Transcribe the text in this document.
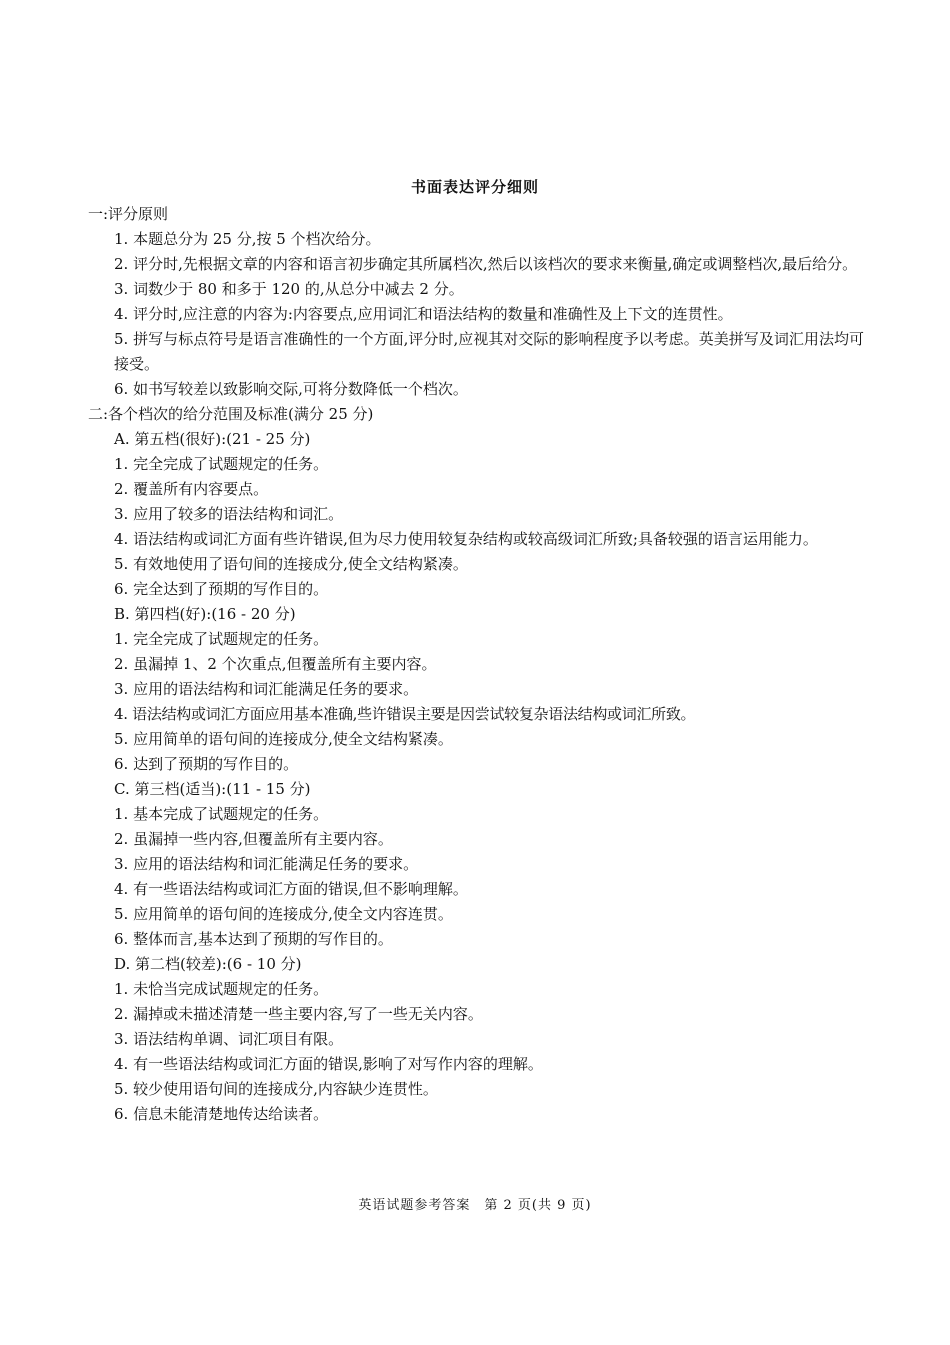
书面表达评分细则
一:评分原则
1. 本题总分为 25 分,按 5 个档次给分。
2. 评分时,先根据文章的内容和语言初步确定其所属档次,然后以该档次的要求来衡量,确定或调整档次,最后给分。
3. 词数少于 80 和多于 120 的,从总分中减去 2 分。
4. 评分时,应注意的内容为:内容要点,应用词汇和语法结构的数量和准确性及上下文的连贯性。
5. 拼写与标点符号是语言准确性的一个方面,评分时,应视其对交际的影响程度予以考虑。英美拼写及词汇用法均可接受。
6. 如书写较差以致影响交际,可将分数降低一个档次。
二:各个档次的给分范围及标准(满分 25 分)
A. 第五档(很好):(21 - 25 分)
1. 完全完成了试题规定的任务。
2. 覆盖所有内容要点。
3. 应用了较多的语法结构和词汇。
4. 语法结构或词汇方面有些许错误,但为尽力使用较复杂结构或较高级词汇所致;具备较强的语言运用能力。
5. 有效地使用了语句间的连接成分,使全文结构紧凑。
6. 完全达到了预期的写作目的。
B. 第四档(好):(16 - 20 分)
1. 完全完成了试题规定的任务。
2. 虽漏掉 1、2 个次重点,但覆盖所有主要内容。
3. 应用的语法结构和词汇能满足任务的要求。
4. 语法结构或词汇方面应用基本准确,些许错误主要是因尝试较复杂语法结构或词汇所致。
5. 应用简单的语句间的连接成分,使全文结构紧凑。
6. 达到了预期的写作目的。
C. 第三档(适当):(11 - 15 分)
1. 基本完成了试题规定的任务。
2. 虽漏掉一些内容,但覆盖所有主要内容。
3. 应用的语法结构和词汇能满足任务的要求。
4. 有一些语法结构或词汇方面的错误,但不影响理解。
5. 应用简单的语句间的连接成分,使全文内容连贯。
6. 整体而言,基本达到了预期的写作目的。
D. 第二档(较差):(6 - 10 分)
1. 未恰当完成试题规定的任务。
2. 漏掉或未描述清楚一些主要内容,写了一些无关内容。
3. 语法结构单调、词汇项目有限。
4. 有一些语法结构或词汇方面的错误,影响了对写作内容的理解。
5. 较少使用语句间的连接成分,内容缺少连贯性。
6. 信息未能清楚地传达给读者。
英语试题参考答案　第 2 页(共 9 页)
